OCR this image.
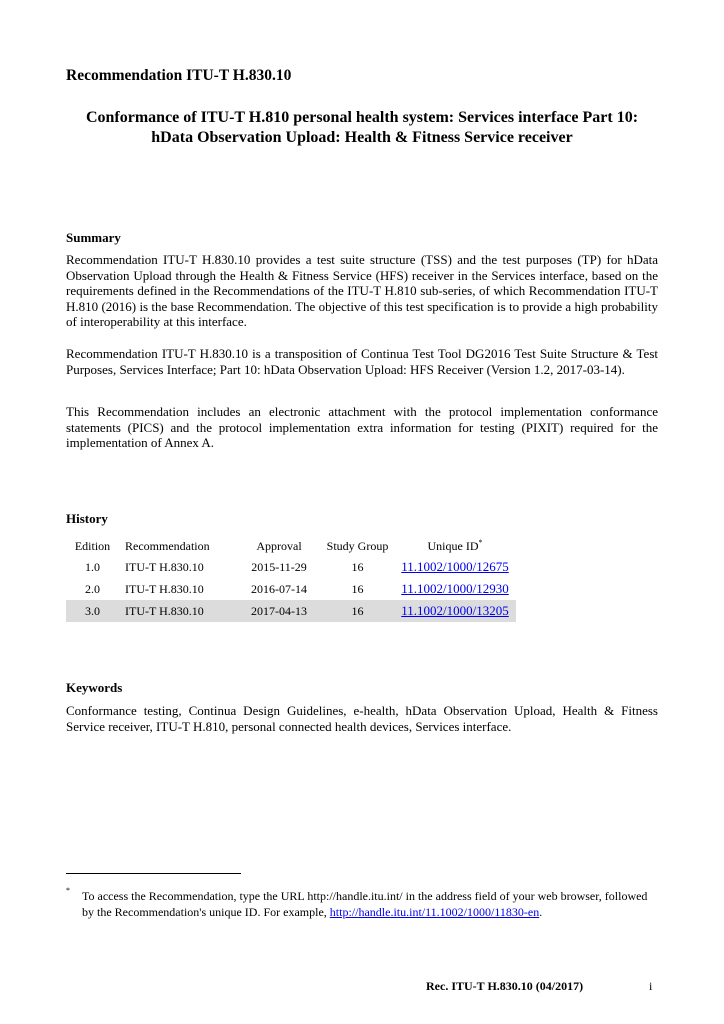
Recommendation ITU-T H.830.10
Conformance of ITU-T H.810 personal health system: Services interface Part 10:
hData Observation Upload: Health & Fitness Service receiver
Summary

Recommendation ITU-T H.830.10 provides a test suite structure (TSS) and the test purposes (TP) for hData Observation Upload through the Health & Fitness Service (HFS) receiver in the Services interface, based on the requirements defined in the Recommendations of the ITU-T H.810 sub-series, of which Recommendation ITU-T H.810 (2016) is the base Recommendation. The objective of this test specification is to provide a high probability of interoperability at this interface.

Recommendation ITU-T H.830.10 is a transposition of Continua Test Tool DG2016 Test Suite Structure & Test Purposes, Services Interface; Part 10: hData Observation Upload: HFS Receiver (Version 1.2, 2017-03-14).

This Recommendation includes an electronic attachment with the protocol implementation conformance statements (PICS) and the protocol implementation extra information for testing (PIXIT) required for the implementation of Annex A.

History
Edition	Recommendation	Approval	Study Group	Unique ID*
1.0	ITU-T H.830.10	2015-11-29	16	11.1002/1000/12675
2.0	ITU-T H.830.10	2016-07-14	16	11.1002/1000/12930
3.0	ITU-T H.830.10	2017-04-13	16	11.1002/1000/13205
Keywords

Conformance testing, Continua Design Guidelines, e-health, hData Observation Upload, Health & Fitness Service receiver, ITU-T H.810, personal connected health devices, Services interface.

* To access the Recommendation, type the URL http://handle.itu.int/ in the address field of your web browser, followed by the Recommendation's unique ID. For example, http://handle.itu.int/11.1002/1000/11830-en.

Rec. ITU-T H.830.10 (04/2017)	i
